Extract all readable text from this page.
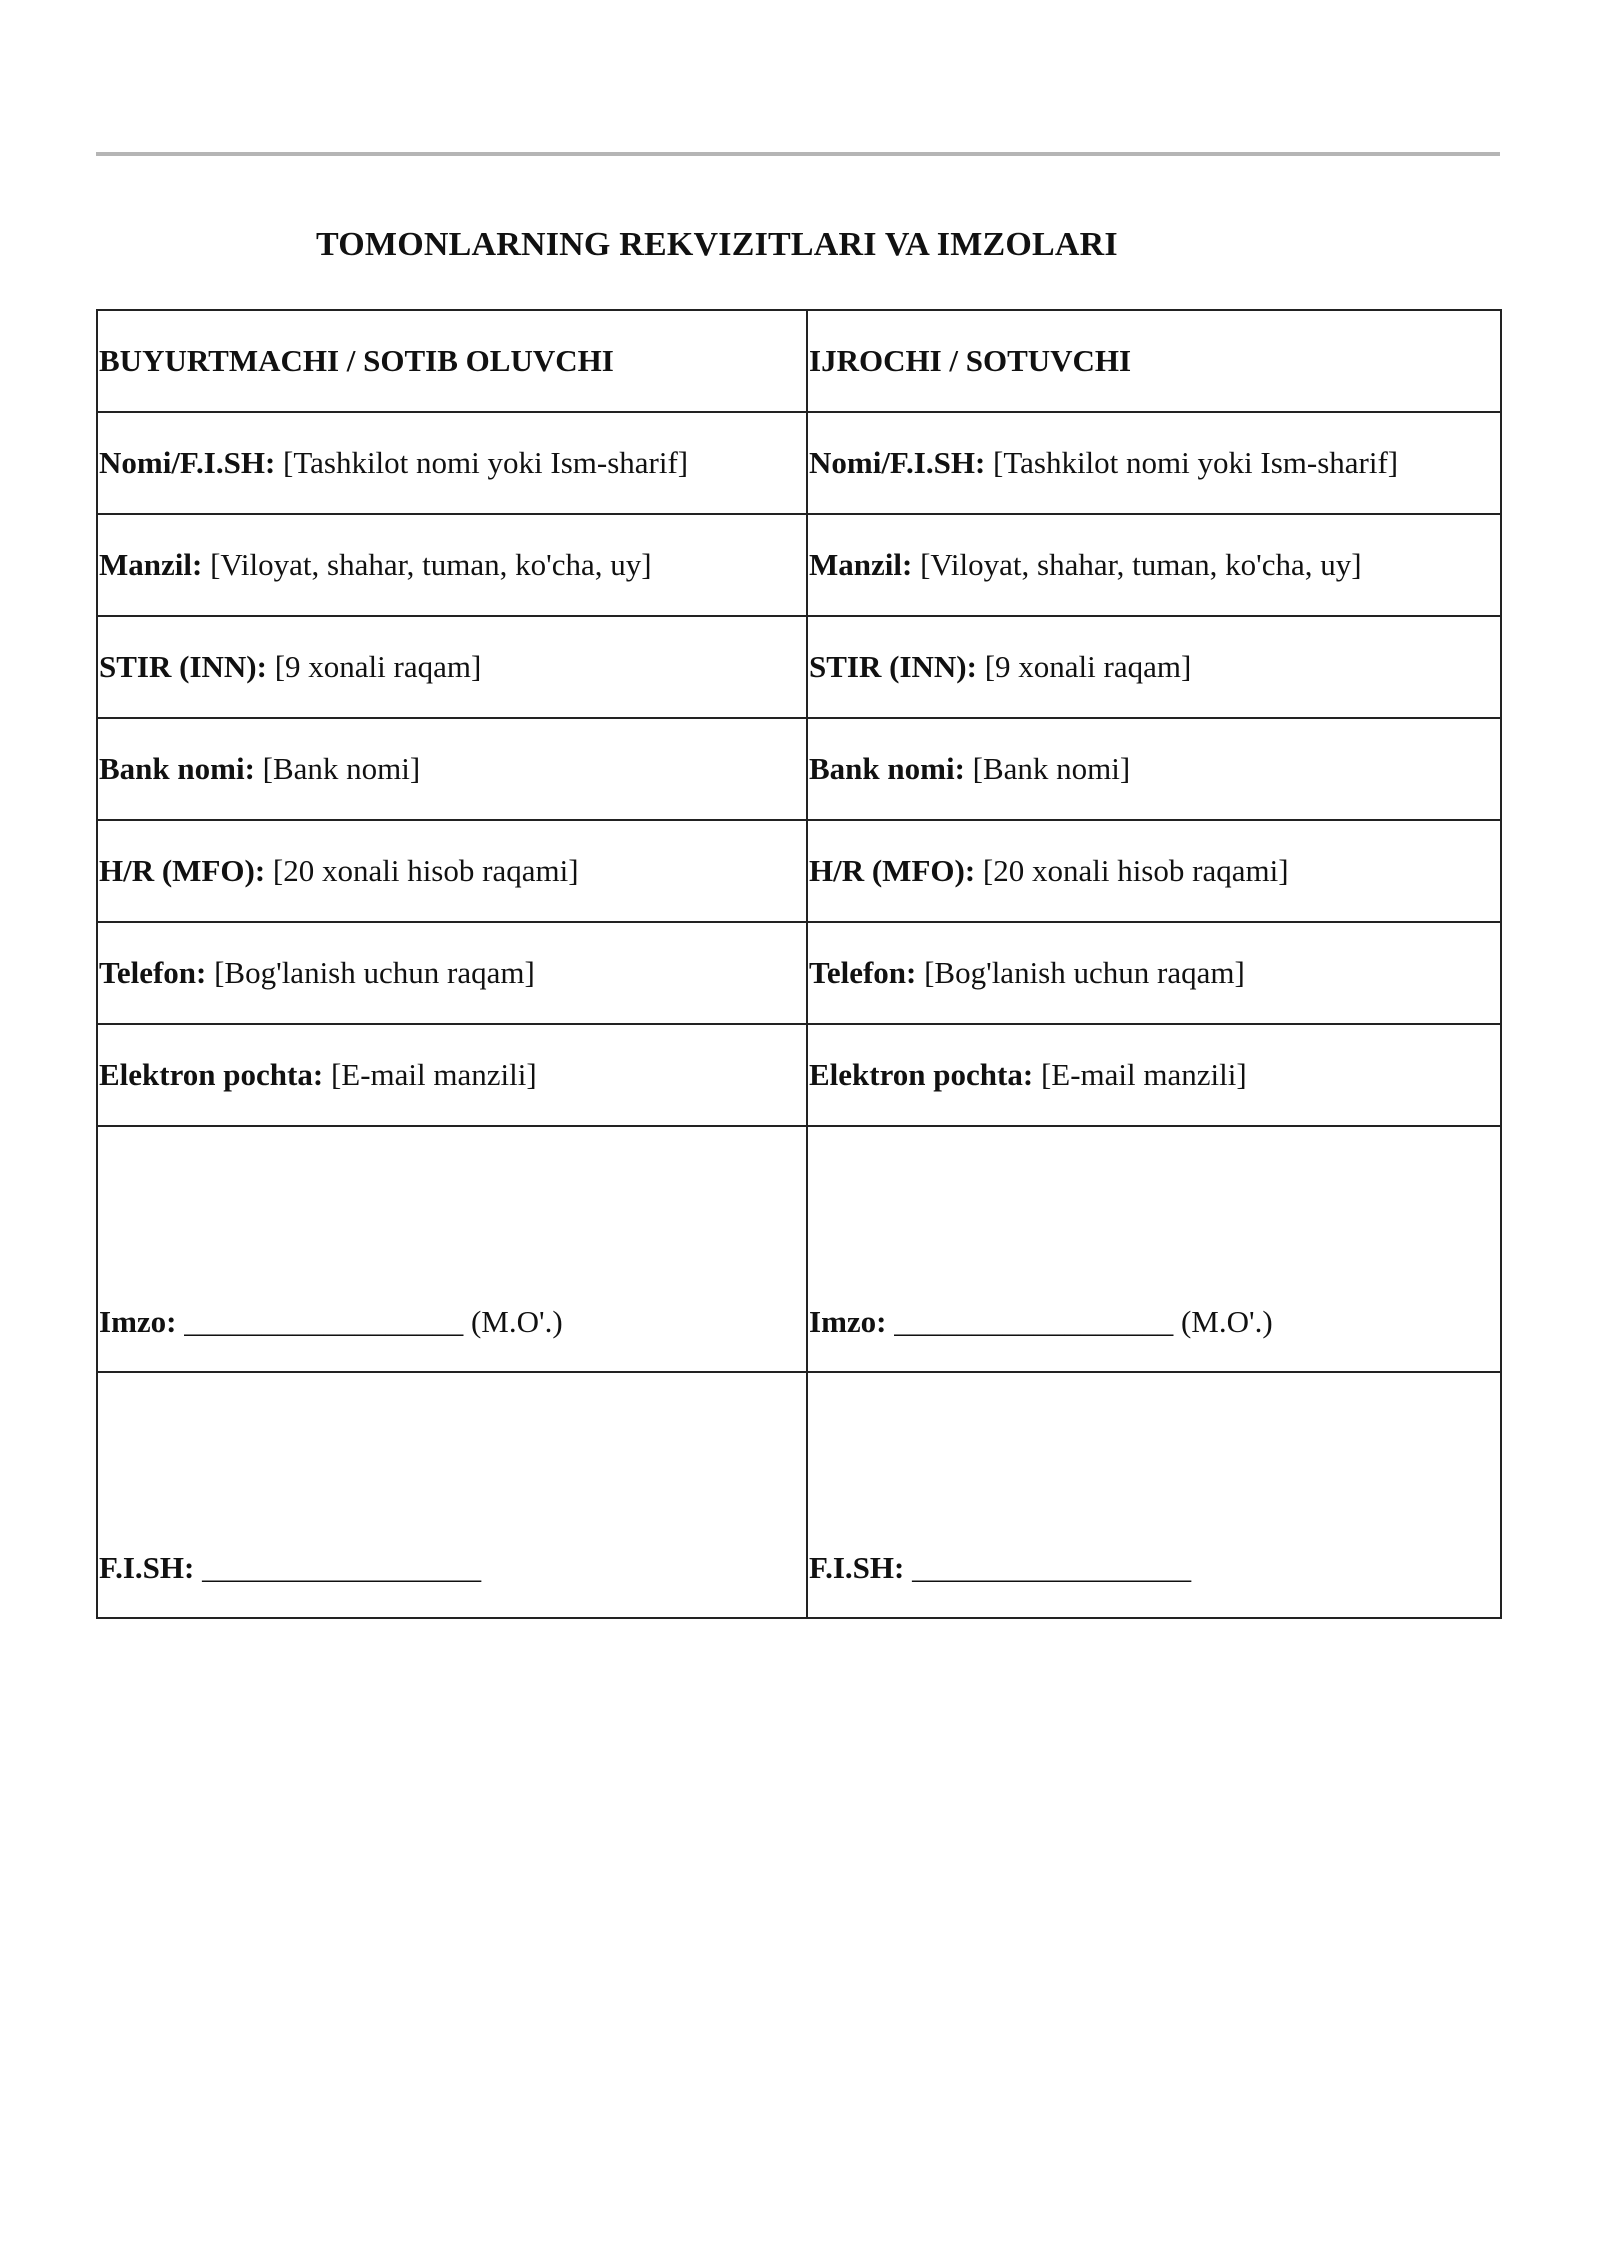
TOMONLARNING REKVIZITLARI VA IMZOLARI
BUYURTMACHI / SOTIB OLUVCHI	IJROCHI / SOTUVCHI
Nomi/F.I.SH: [Tashkilot nomi yoki Ism-sharif]	Nomi/F.I.SH: [Tashkilot nomi yoki Ism-sharif]
Manzil: [Viloyat, shahar, tuman, ko'cha, uy]	Manzil: [Viloyat, shahar, tuman, ko'cha, uy]
STIR (INN): [9 xonali raqam]	STIR (INN): [9 xonali raqam]
Bank nomi: [Bank nomi]	Bank nomi: [Bank nomi]
H/R (MFO): [20 xonali hisob raqami]	H/R (MFO): [20 xonali hisob raqami]
Telefon: [Bog'lanish uchun raqam]	Telefon: [Bog'lanish uchun raqam]
Elektron pochta: [E-mail manzili]	Elektron pochta: [E-mail manzili]
Imzo: __________________ (M.O'.)	Imzo: __________________ (M.O'.)
F.I.SH: __________________	F.I.SH: __________________
